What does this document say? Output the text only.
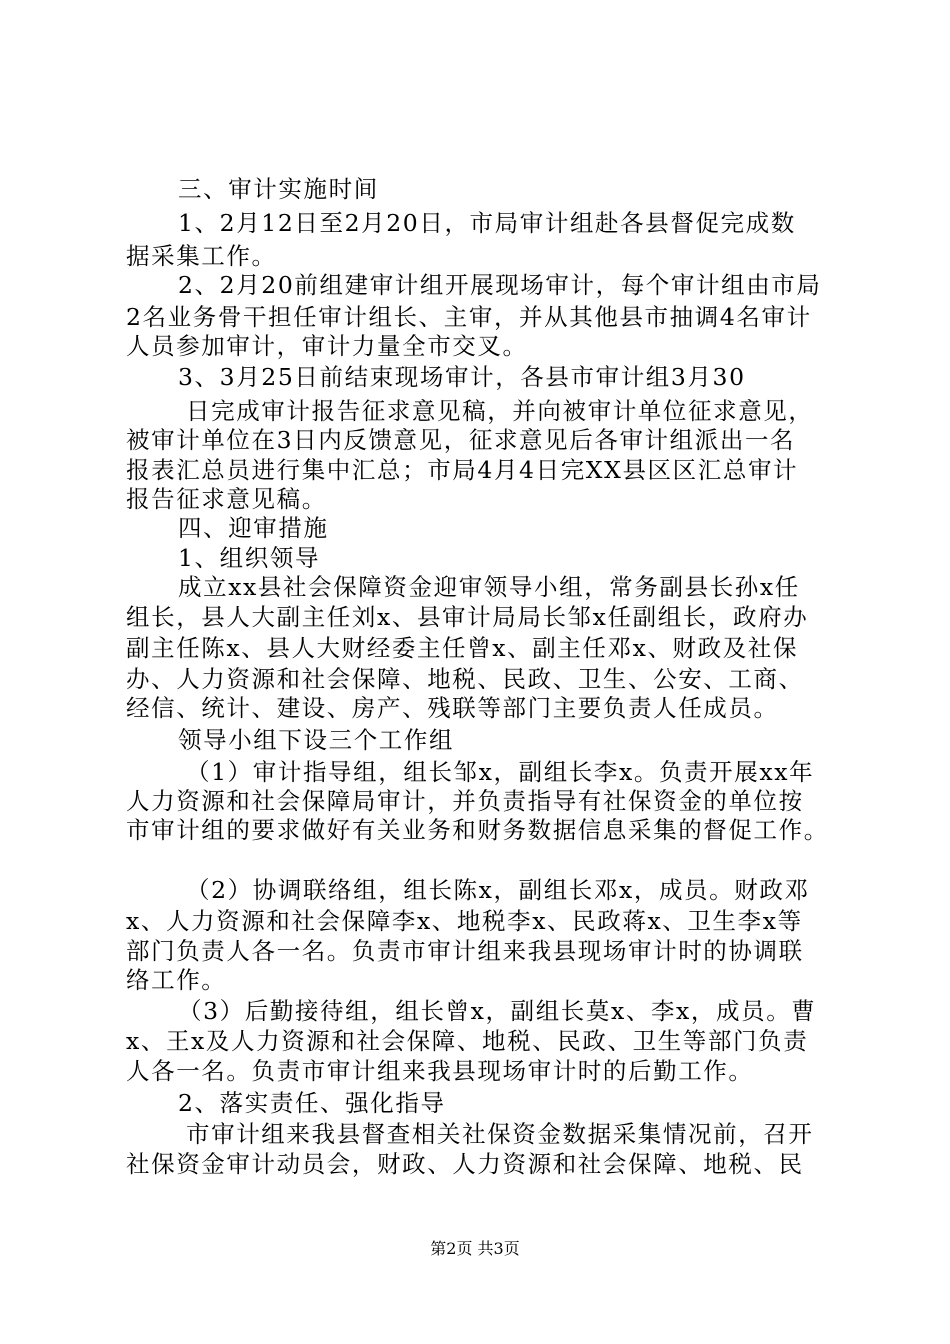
三、审计实施时间
1、2月12日至2月20日，市局审计组赴各县督促完成数
据采集工作。
2、2月20前组建审计组开展现场审计，每个审计组由市局
2名业务骨干担任审计组长、主审，并从其他县市抽调4名审计
人员参加审计，审计力量全市交叉。
3、3月25日前结束现场审计，各县市审计组3月30
日完成审计报告征求意见稿，并向被审计单位征求意见，
被审计单位在3日内反馈意见，征求意见后各审计组派出一名
报表汇总员进行集中汇总；市局4月4日完XX县区区汇总审计
报告征求意见稿。
四、迎审措施
1、组织领导
成立xx县社会保障资金迎审领导小组，常务副县长孙x任
组长，县人大副主任刘x、县审计局局长邹x任副组长，政府办
副主任陈x、县人大财经委主任曾x、副主任邓x、财政及社保
办、人力资源和社会保障、地税、民政、卫生、公安、工商、
经信、统计、建设、房产、残联等部门主要负责人任成员。
领导小组下设三个工作组
（1）审计指导组，组长邹x，副组长李x。负责开展xx年
人力资源和社会保障局审计，并负责指导有社保资金的单位按
市审计组的要求做好有关业务和财务数据信息采集的督促工作。
（2）协调联络组，组长陈x，副组长邓x，成员。财政邓
x、人力资源和社会保障李x、地税李x、民政蒋x、卫生李x等
部门负责人各一名。负责市审计组来我县现场审计时的协调联
络工作。
（3）后勤接待组，组长曾x，副组长莫x、李x，成员。曹
x、王x及人力资源和社会保障、地税、民政、卫生等部门负责
人各一名。负责市审计组来我县现场审计时的后勤工作。
2、落实责任、强化指导
市审计组来我县督查相关社保资金数据采集情况前，召开
社保资金审计动员会，财政、人力资源和社会保障、地税、民
第2页 共3页
